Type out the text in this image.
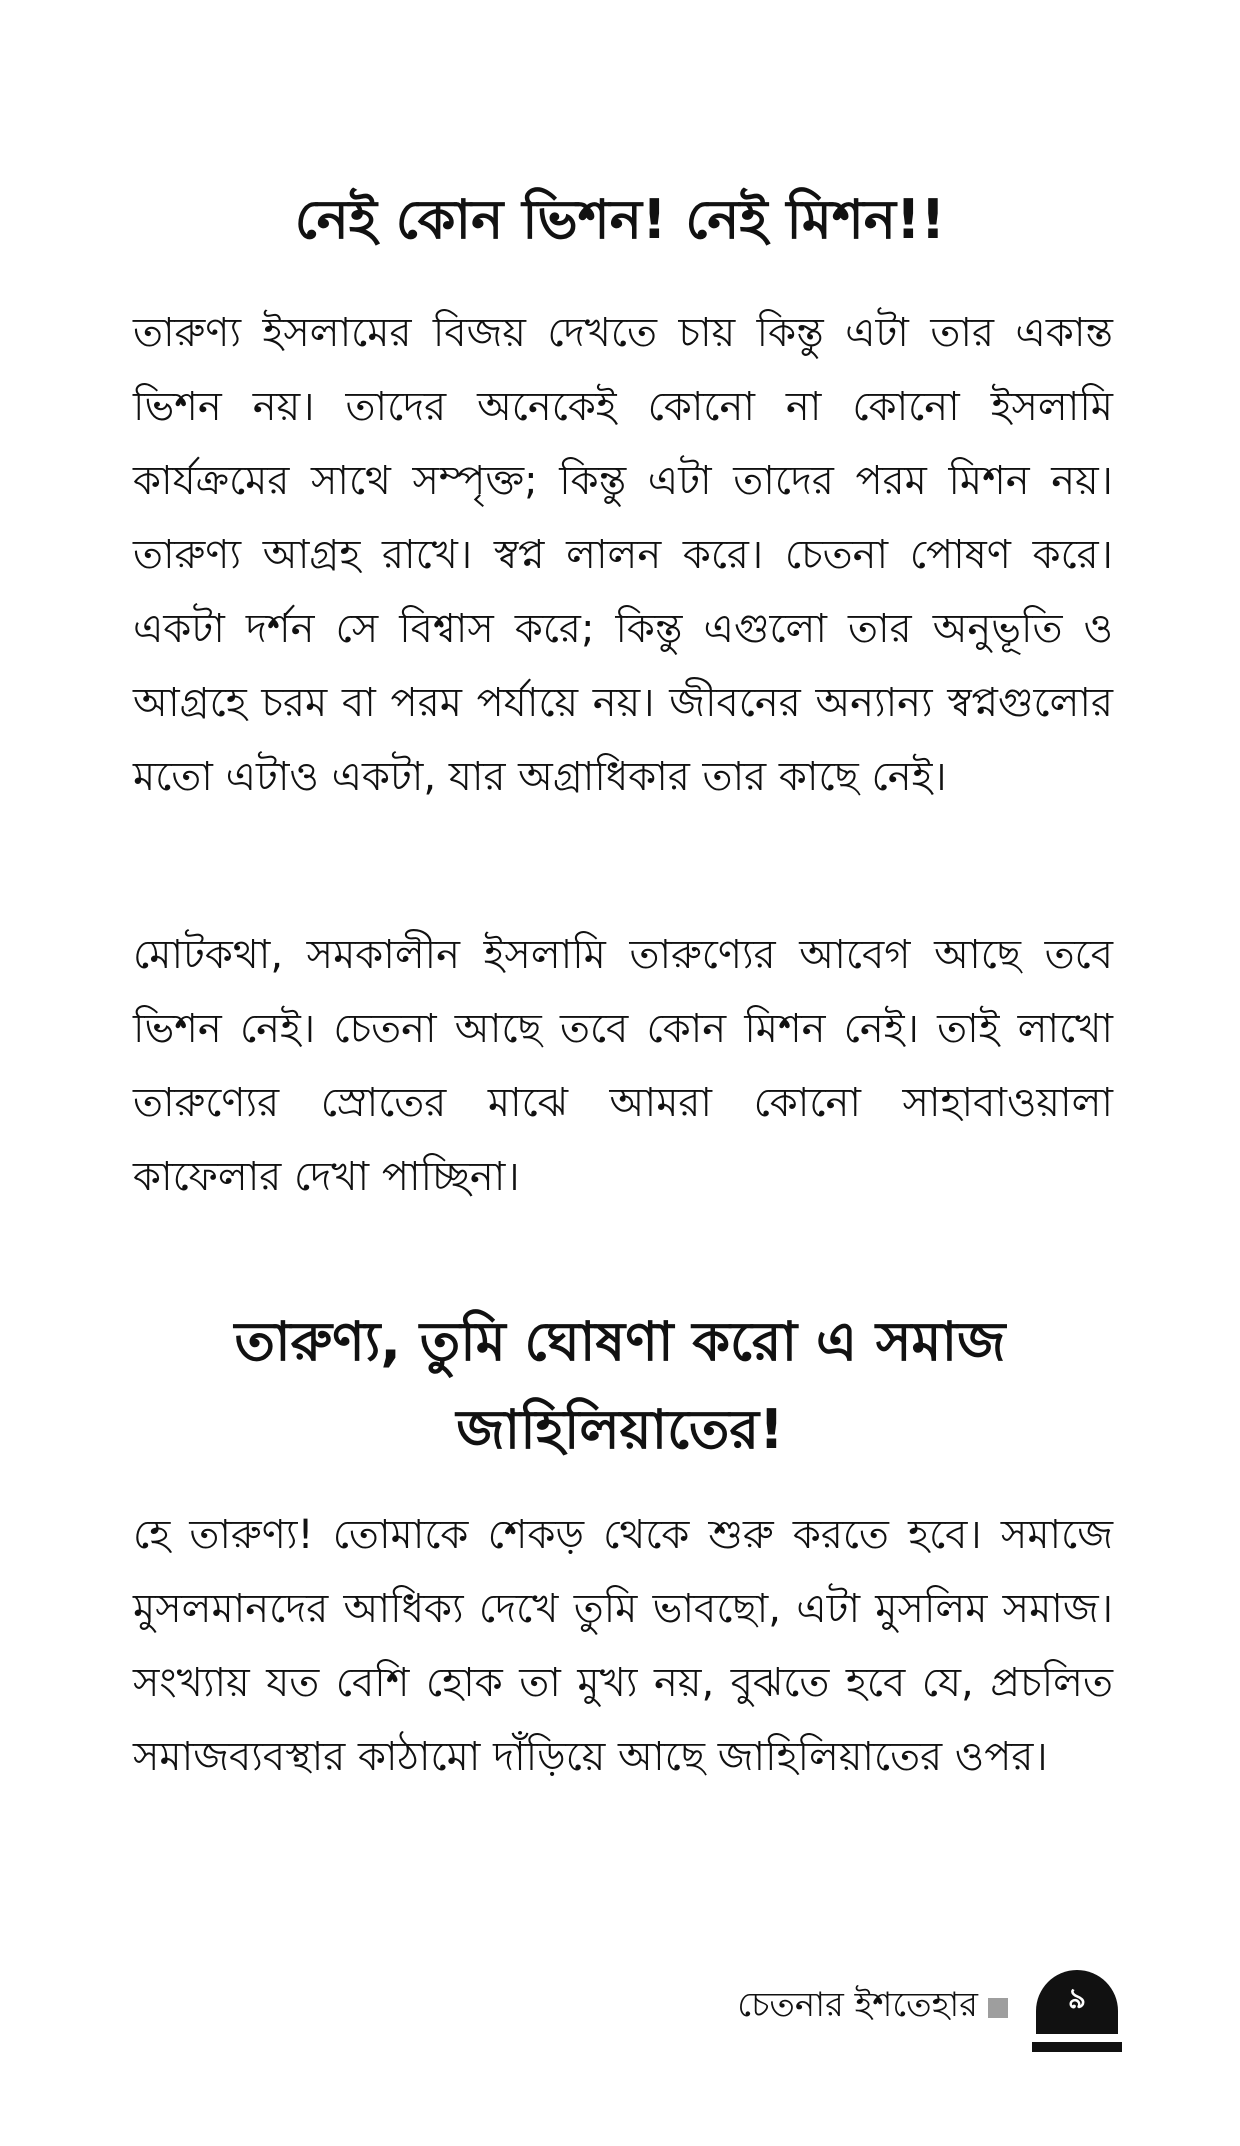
নেই কোন ভিশন! নেই মিশন!!

তারুণ্য ইসলামের বিজয় দেখতে চায় কিন্তু এটা তার একান্ত ভিশন নয়। তাদের অনেকেই কোনো না কোনো ইসলামি কার্যক্রমের সাথে সম্পৃক্ত; কিন্তু এটা তাদের পরম মিশন নয়। তারুণ্য আগ্রহ রাখে। স্বপ্ন লালন করে। চেতনা পোষণ করে। একটা দর্শন সে বিশ্বাস করে; কিন্তু এগুলো তার অনুভূতি ও আগ্রহে চরম বা পরম পর্যায়ে নয়। জীবনের অন্যান্য স্বপ্নগুলোর মতো এটাও একটা, যার অগ্রাধিকার তার কাছে নেই।

মোটকথা, সমকালীন ইসলামি তারুণ্যের আবেগ আছে তবে ভিশন নেই। চেতনা আছে তবে কোন মিশন নেই। তাই লাখো তারুণ্যের স্রোতের মাঝে আমরা কোনো সাহাবাওয়ালা কাফেলার দেখা পাচ্ছিনা।

তারুণ্য, তুমি ঘোষণা করো এ সমাজ জাহিলিয়াতের!

হে তারুণ্য! তোমাকে শেকড় থেকে শুরু করতে হবে। সমাজে মুসলমানদের আধিক্য দেখে তুমি ভাবছো, এটা মুসলিম সমাজ। সংখ্যায় যত বেশি হোক তা মুখ্য নয়, বুঝতে হবে যে, প্রচলিত সমাজব্যবস্থার কাঠামো দাঁড়িয়ে আছে জাহিলিয়াতের ওপর।

চেতনার ইশতেহার	৯
